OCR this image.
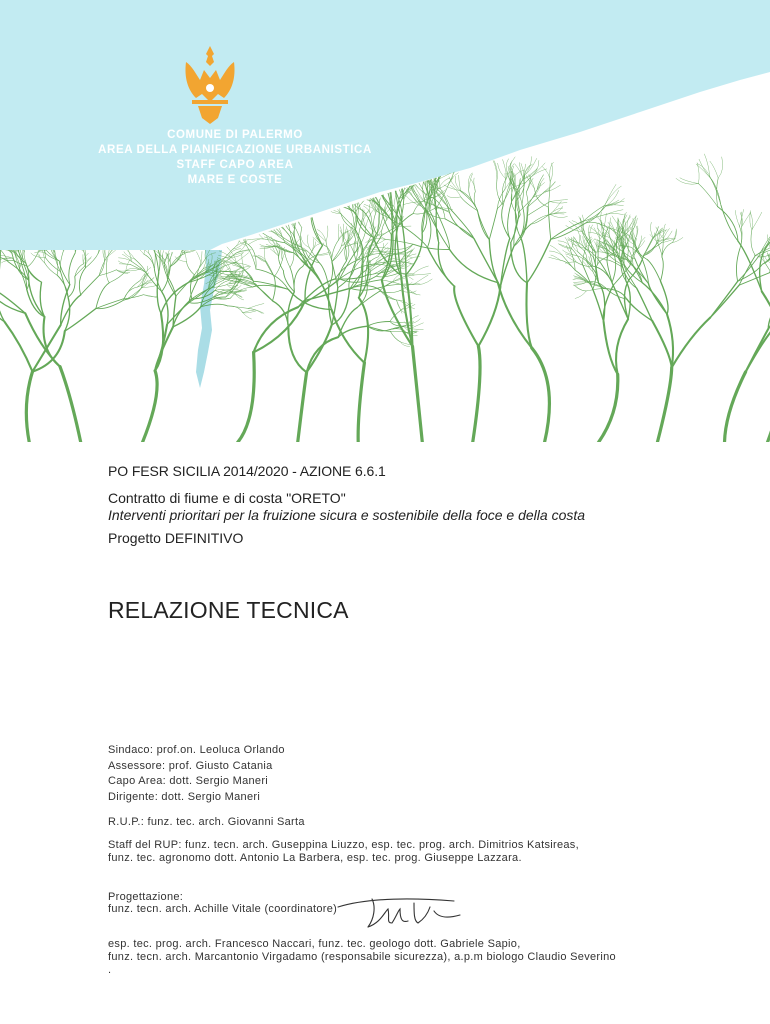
COMUNE DI PALERMO
AREA DELLA PIANIFICAZIONE URBANISTICA
STAFF CAPO AREA
MARE E COSTE
PO FESR SICILIA 2014/2020 - AZIONE 6.6.1
Contratto di fiume e di costa "ORETO"
Interventi prioritari per la fruizione sicura e sostenibile della foce e della costa
Progetto DEFINITIVO
RELAZIONE TECNICA
Sindaco: prof.on. Leoluca Orlando
Assessore: prof. Giusto Catania
Capo Area: dott. Sergio Maneri
Dirigente: dott. Sergio Maneri
R.U.P.: funz. tec. arch. Giovanni Sarta
Staff del RUP: funz. tecn. arch. Guseppina Liuzzo, esp. tec. prog. arch. Dimitrios Katsireas,
funz. tec. agronomo dott. Antonio La Barbera, esp. tec. prog. Giuseppe Lazzara.
Progettazione:
funz. tecn. arch. Achille Vitale (coordinatore)
esp. tec. prog. arch. Francesco Naccari, funz. tec. geologo dott. Gabriele Sapio,
funz. tecn. arch. Marcantonio Virgadamo (responsabile sicurezza), a.p.m biologo Claudio Severino
.
